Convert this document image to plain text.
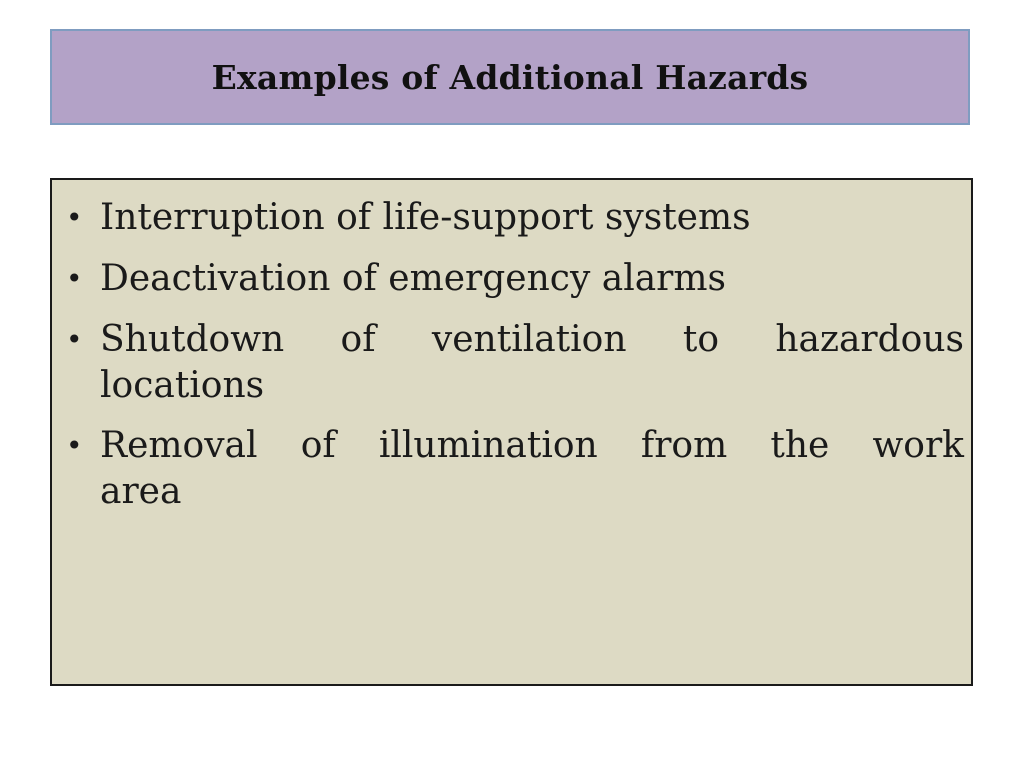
Examples of Additional Hazards
• Interruption of life-support systems
• Deactivation of emergency alarms
• Shutdown of ventilation to hazardous
locations
• Removal of illumination from the work
area
